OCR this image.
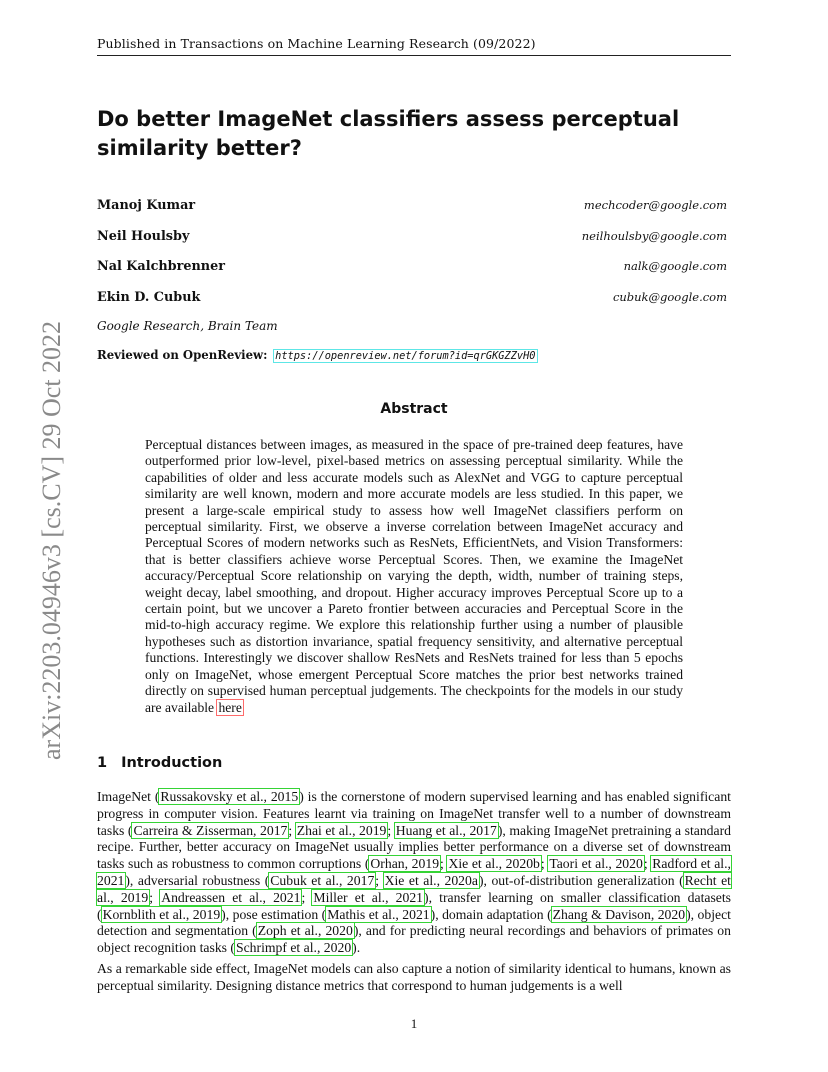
Published in Transactions on Machine Learning Research (09/2022)
arXiv:2203.04946v3 [cs.CV] 29 Oct 2022
Do better ImageNet classifiers assess perceptual similarity better?
Manoj Kumar	mechcoder@google.com
Neil Houlsby	neilhoulsby@google.com
Nal Kalchbrenner	nalk@google.com
Ekin D. Cubuk	cubuk@google.com
Google Research, Brain Team
Reviewed on OpenReview: https://openreview.net/forum?id=qrGKGZZvH0
Abstract

Perceptual distances between images, as measured in the space of pre-trained deep features, have outperformed prior low-level, pixel-based metrics on assessing perceptual similarity. While the capabilities of older and less accurate models such as AlexNet and VGG to capture perceptual similarity are well known, modern and more accurate models are less studied. In this paper, we present a large-scale empirical study to assess how well ImageNet classifiers perform on perceptual similarity. First, we observe a inverse correlation between ImageNet accuracy and Perceptual Scores of modern networks such as ResNets, EfficientNets, and Vision Transformers: that is better classifiers achieve worse Perceptual Scores. Then, we examine the ImageNet accuracy/Perceptual Score relationship on varying the depth, width, number of training steps, weight decay, label smoothing, and dropout. Higher accuracy improves Perceptual Score up to a certain point, but we uncover a Pareto frontier between accuracies and Perceptual Score in the mid-to-high accuracy regime. We explore this relationship further using a number of plausible hypotheses such as distortion invariance, spatial frequency sensitivity, and alternative perceptual functions. Interestingly we discover shallow ResNets and ResNets trained for less than 5 epochs only on ImageNet, whose emergent Perceptual Score matches the prior best networks trained directly on supervised human perceptual judgements. The checkpoints for the models in our study are available here

1 Introduction

ImageNet (Russakovsky et al., 2015) is the cornerstone of modern supervised learning and has enabled significant progress in computer vision. Features learnt via training on ImageNet transfer well to a number of downstream tasks (Carreira & Zisserman, 2017; Zhai et al., 2019; Huang et al., 2017), making ImageNet pretraining a standard recipe. Further, better accuracy on ImageNet usually implies better performance on a diverse set of downstream tasks such as robustness to common corruptions (Orhan, 2019; Xie et al., 2020b; Taori et al., 2020; Radford et al., 2021), adversarial robustness (Cubuk et al., 2017; Xie et al., 2020a), out-of-distribution generalization (Recht et al., 2019; Andreassen et al., 2021; Miller et al., 2021), transfer learning on smaller classification datasets (Kornblith et al., 2019), pose estimation (Mathis et al., 2021), domain adaptation (Zhang & Davison, 2020), object detection and segmentation (Zoph et al., 2020), and for predicting neural recordings and behaviors of primates on object recognition tasks (Schrimpf et al., 2020).

As a remarkable side effect, ImageNet models can also capture a notion of similarity identical to humans, known as perceptual similarity. Designing distance metrics that correspond to human judgements is a well

1
